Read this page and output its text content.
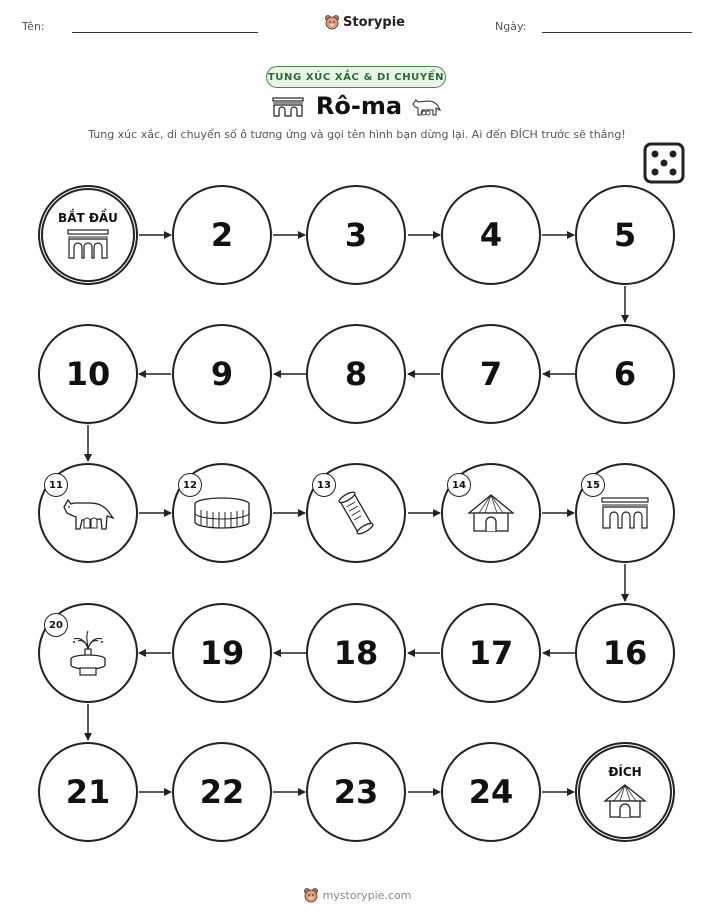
Tên:	Storypie	Ngày:
TUNG XÚC XẮC & DI CHUYỂN
Rô-ma
Tung xúc xắc, di chuyển số ô tương ứng và gọi tên hình bạn dừng lại. Ai đến ĐÍCH trước sẽ thắng!
BẮT ĐẦU	2	3	4	5
6
7
8
9
10
11	12	13	14	15
16
17
18
19
20
21	22	23	24
ĐÍCH
mystorypie.com
